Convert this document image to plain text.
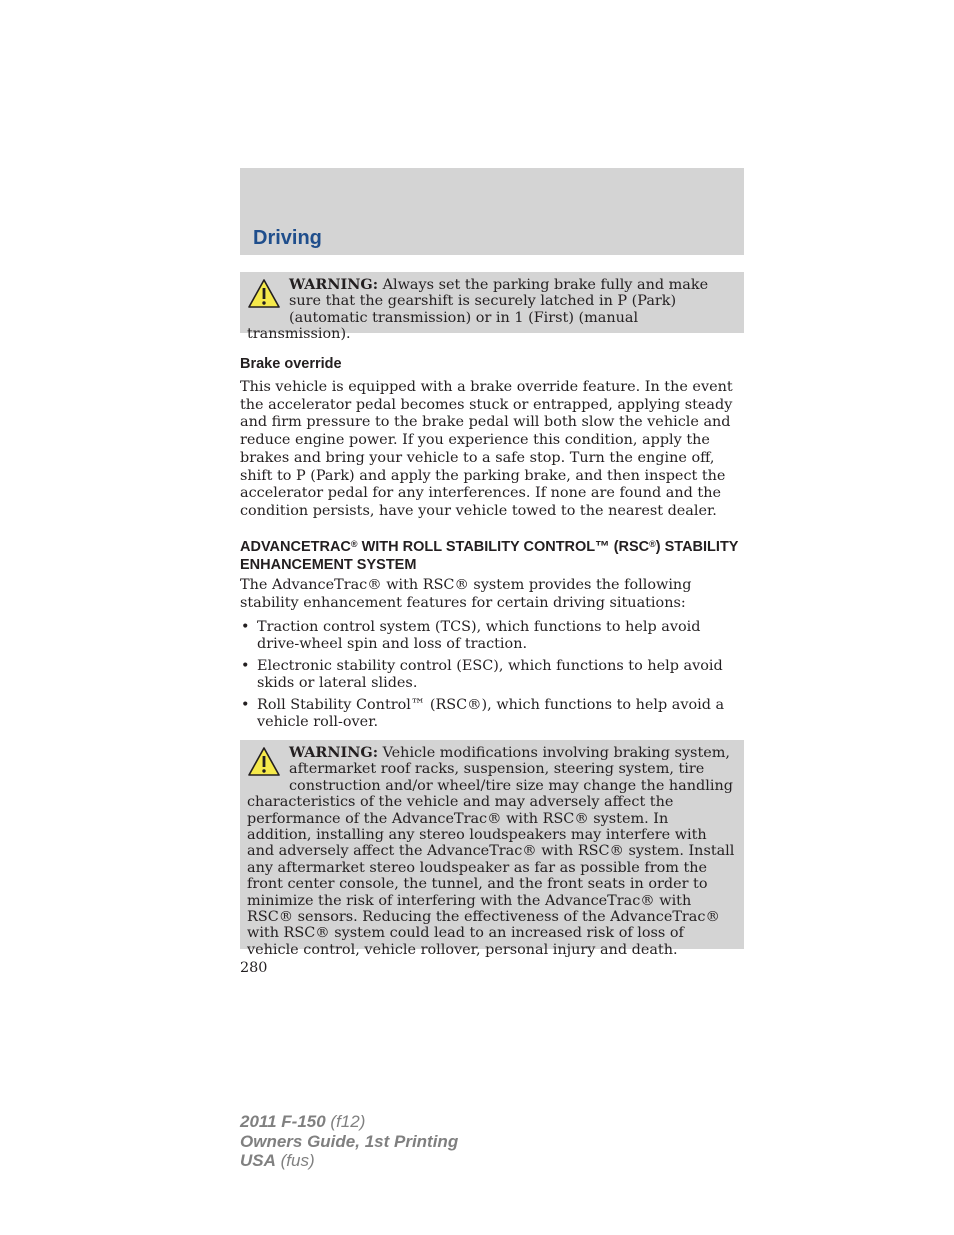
Driving
WARNING: Always set the parking brake fully and make sure that the gearshift is securely latched in P (Park) (automatic transmission) or in 1 (First) (manual transmission).
Brake override

This vehicle is equipped with a brake override feature. In the event the accelerator pedal becomes stuck or entrapped, applying steady and firm pressure to the brake pedal will both slow the vehicle and reduce engine power. If you experience this condition, apply the brakes and bring your vehicle to a safe stop. Turn the engine off, shift to P (Park) and apply the parking brake, and then inspect the accelerator pedal for any interferences. If none are found and the condition persists, have your vehicle towed to the nearest dealer.

ADVANCETRAC® WITH ROLL STABILITY CONTROL™ (RSC®) STABILITY ENHANCEMENT SYSTEM

The AdvanceTrac® with RSC® system provides the following stability enhancement features for certain driving situations:

• Traction control system (TCS), which functions to help avoid drive-wheel spin and loss of traction.
• Electronic stability control (ESC), which functions to help avoid skids or lateral slides.
• Roll Stability Control™ (RSC®), which functions to help avoid a vehicle roll-over.
WARNING: Vehicle modifications involving braking system, aftermarket roof racks, suspension, steering system, tire construction and/or wheel/tire size may change the handling characteristics of the vehicle and may adversely affect the performance of the AdvanceTrac® with RSC® system. In addition, installing any stereo loudspeakers may interfere with and adversely affect the AdvanceTrac® with RSC® system. Install any aftermarket stereo loudspeaker as far as possible from the front center console, the tunnel, and the front seats in order to minimize the risk of interfering with the AdvanceTrac® with RSC® sensors. Reducing the effectiveness of the AdvanceTrac® with RSC® system could lead to an increased risk of loss of vehicle control, vehicle rollover, personal injury and death.

280

2011 F-150 (f12)
Owners Guide, 1st Printing
USA (fus)
